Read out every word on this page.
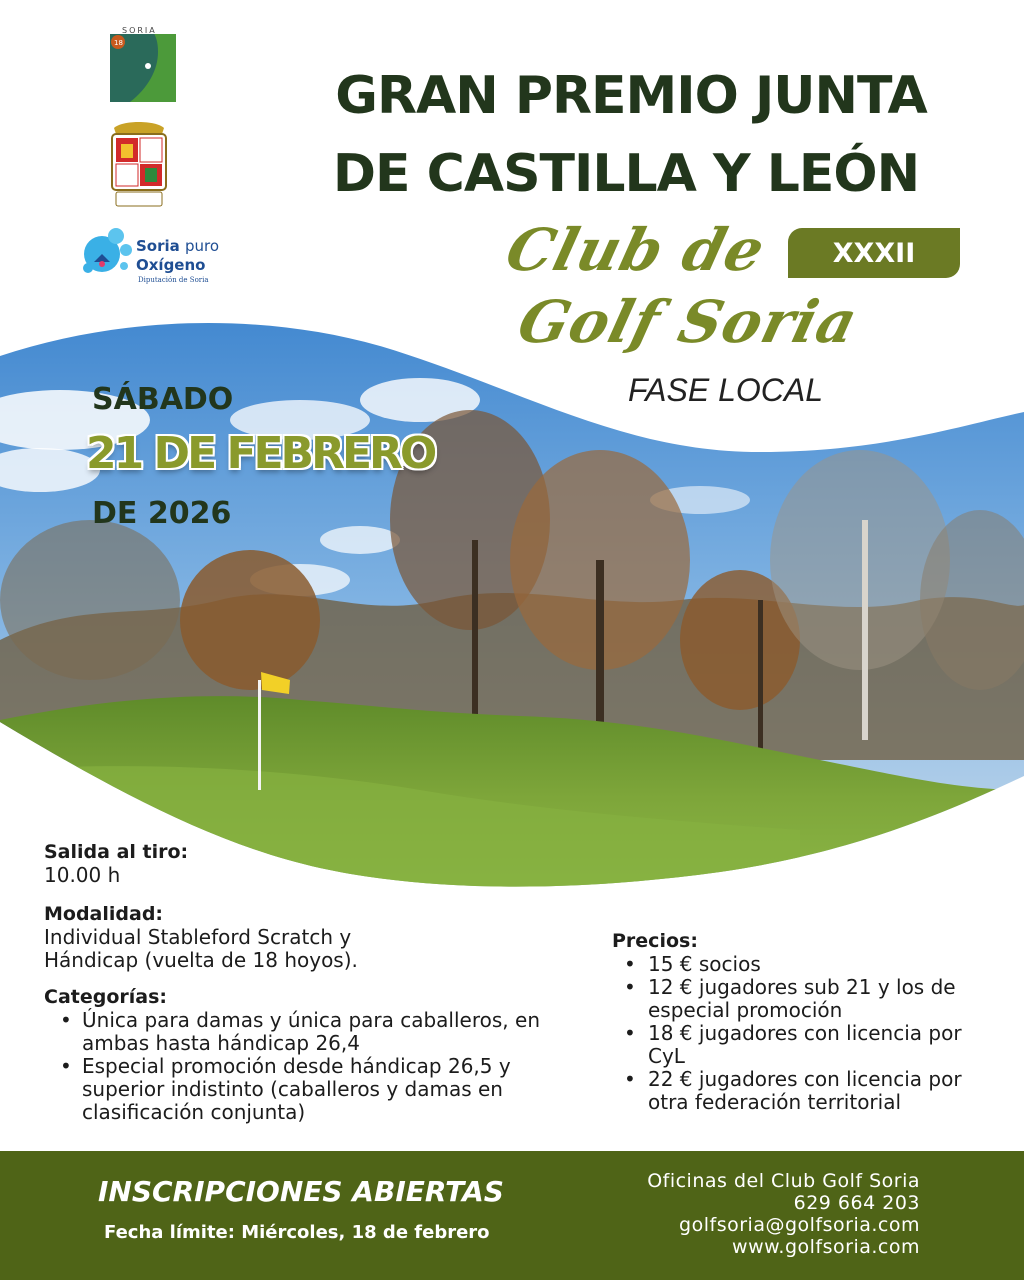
SORIA
18
Soria puro
Oxígeno
Diputación de Soria
GRAN PREMIO JUNTA
DE CASTILLA Y LEÓN
Club de
Golf Soria
XXXII
FASE LOCAL
SÁBADO
21 DE FEBRERO
DE 2026
Salida al tiro:
10.00 h
Modalidad:
Individual Stableford Scratch y Hándicap (vuelta de 18 hoyos).
Categorías:
• Única para damas y única para caballeros, en ambas hasta hándicap 26,4
• Especial promoción desde hándicap 26,5 y superior indistinto (caballeros y damas en clasificación conjunta)
Precios:
• 15 € socios
• 12 € jugadores sub 21 y los de especial promoción
• 18 € jugadores con licencia por CyL
• 22 € jugadores con licencia por otra federación territorial
INSCRIPCIONES ABIERTAS
Fecha límite: Miércoles, 18 de febrero
Oficinas del Club Golf Soria
629 664 203
golfsoria@golfsoria.com
www.golfsoria.com
